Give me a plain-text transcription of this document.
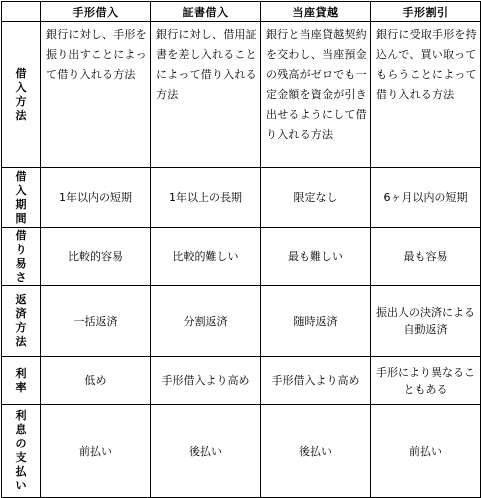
	手形借入	証書借入	当座貸越	手形割引
借入方法	銀行に対し、手形を振り出すことによって借り入れる方法	銀行に対し、借用証書を差し入れることによって借り入れる方法	銀行と当座貸越契約を交わし、当座預金の残高がゼロでも一定金額を資金が引き出せるようにして借り入れる方法	銀行に受取手形を持込んで、買い取ってもらうことによって借り入れる方法
借入期間	1年以内の短期	1年以上の長期	限定なし	6ヶ月以内の短期
借り易さ	比較的容易	比較的難しい	最も難しい	最も容易
返済方法	一括返済	分割返済	随時返済	振出人の決済による自動返済
利率	低め	手形借入より高め	手形借入より高め	手形により異なることもある
利息の支払い	前払い	後払い	後払い	前払い
